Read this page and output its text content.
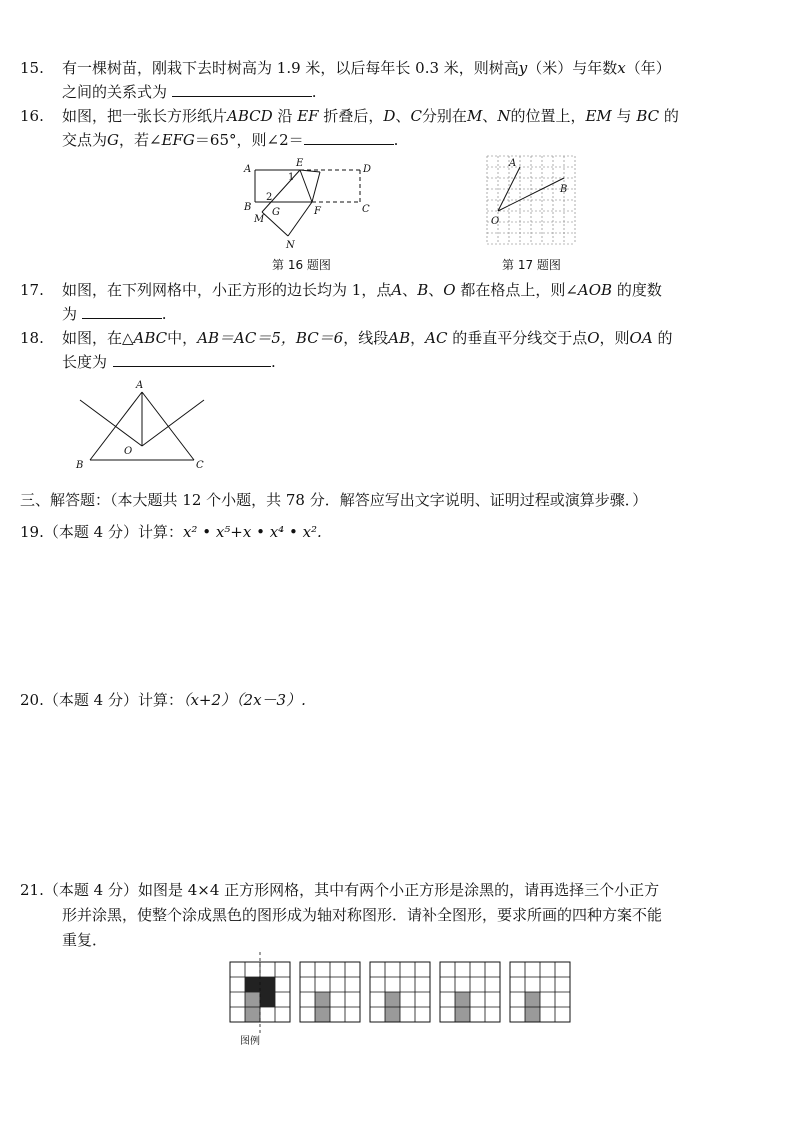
15. 有一棵树苗，刚栽下去时树高为 1.9 米，以后每年长 0.3 米，则树高y（米）与年数x（年）
之间的关系式为	.
16. 如图，把一张长方形纸片ABCD 沿 EF 折叠后，D、C分别在M、N的位置上，EM 与 BC 的
交点为G，若∠EFG＝65°，则∠2＝	.
A
E
D
B	C
M
G	F
N
1
2
第 16 题图
A
B
O
第 17 题图
17. 如图，在下列网格中，小正方形的边长均为 1，点A、B、O 都在格点上，则∠AOB 的度数
为	.
18. 如图，在△ABC中，AB＝AC＝5，BC＝6，线段AB，AC 的垂直平分线交于点O，则OA 的
长度为	.
A
B	C
O
三、解答题：（本大题共 12 个小题，共 78 分．解答应写出文字说明、证明过程或演算步骤．）
19.（本题 4 分）计算：x² • x⁵+x • x⁴ • x².
20.（本题 4 分）计算：（x+2）（2x－3）.
21.（本题 4 分）如图是 4×4 正方形网格，其中有两个小正方形是涂黑的，请再选择三个小正方
形并涂黑，使整个涂成黑色的图形成为轴对称图形．请补全图形，要求所画的四种方案不能
重复．
图例
